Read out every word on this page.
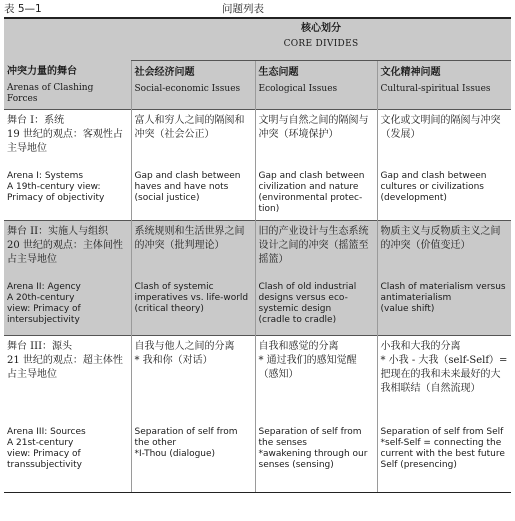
表 5—1	问题列表

	核心划分
CORE DIVIDES		

冲突力量的舞台
Arenas of Clashing
Forces	社会经济问题
Social-economic Issues	生态问题
Ecological Issues	文化精神问题
Cultural-spiritual Issues

舞台 I：系统
19 世纪的观点：客观性占主导地位	富人和穷人之间的隔阂和冲突（社会公正）	文明与自然之间的隔阂与冲突（环境保护）	文化或文明间的隔阂与冲突（发展）

Arena I: Systems
A 19th-century view:
Primacy of objectivity	Gap and clash between haves and have nots (social justice)	Gap and clash between civilization and nature (environmental protec-tion)	Gap and clash between cultures or civilizations (development)

舞台 II：实施人与组织
20 世纪的观点：主体间性占主导地位	系统规则和生活世界之间的冲突（批判理论）	旧的产业设计与生态系统设计之间的冲突（摇篮至摇篮）	物质主义与反物质主义之间的冲突（价值变迁）

Arena II: Agency
A 20th-century
view: Primacy of
intersubjectivity	Clash of systemic imperatives vs. life-world
(critical theory)	Clash of old industrial designs versus eco-systemic design
(cradle to cradle)	Clash of materialism versus antimaterialism
(value shift)

舞台 III：源头
21 世纪的观点：超主体性占主导地位	自我与他人之间的分离
* 我和你（对话）	自我和感觉的分离
* 通过我们的感知觉醒（感知）	小我和大我的分离
* 小我 - 大我（self-Self）=把现在的我和未来最好的大我相联结（自然流现）

Arena III: Sources
A 21st-century
view: Primacy of
transsubjectivity	Separation of self from the other
*I-Thou (dialogue)	Separation of self from the senses
*awakening through our senses (sensing)	Separation of self from Self
*self-Self = connecting the current with the best future Self (presencing)
